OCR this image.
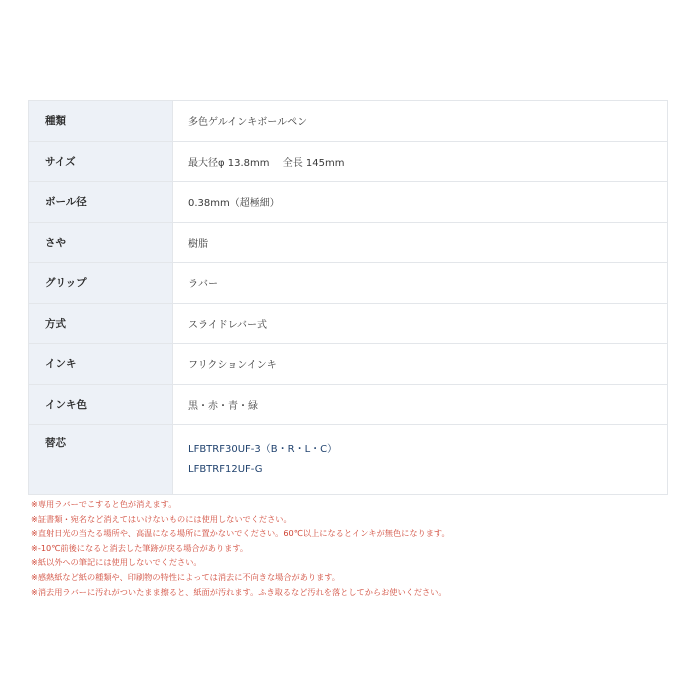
種類	多色ゲルインキボールペン

サイズ	最大径φ 13.8mm　 全長 145mm

ボール径	0.38mm（超極細）

さや	樹脂

グリップ	ラバー

方式	スライドレバー式

インキ	フリクションインキ

インキ色	黒・赤・青・緑

替芯	LFBTRF30UF-3（B・R・L・C）
LFBTRF12UF-G
※専用ラバーでこすると色が消えます。
※証書類・宛名など消えてはいけないものには使用しないでください。
※直射日光の当たる場所や、高温になる場所に置かないでください。60℃以上になるとインキが無色になります。
※-10℃前後になると消去した筆跡が戻る場合があります。
※紙以外への筆記には使用しないでください。
※感熱紙など紙の種類や、印刷物の特性によっては消去に不向きな場合があります。
※消去用ラバーに汚れがついたまま擦ると、紙面が汚れます。ふき取るなど汚れを落としてからお使いください。
